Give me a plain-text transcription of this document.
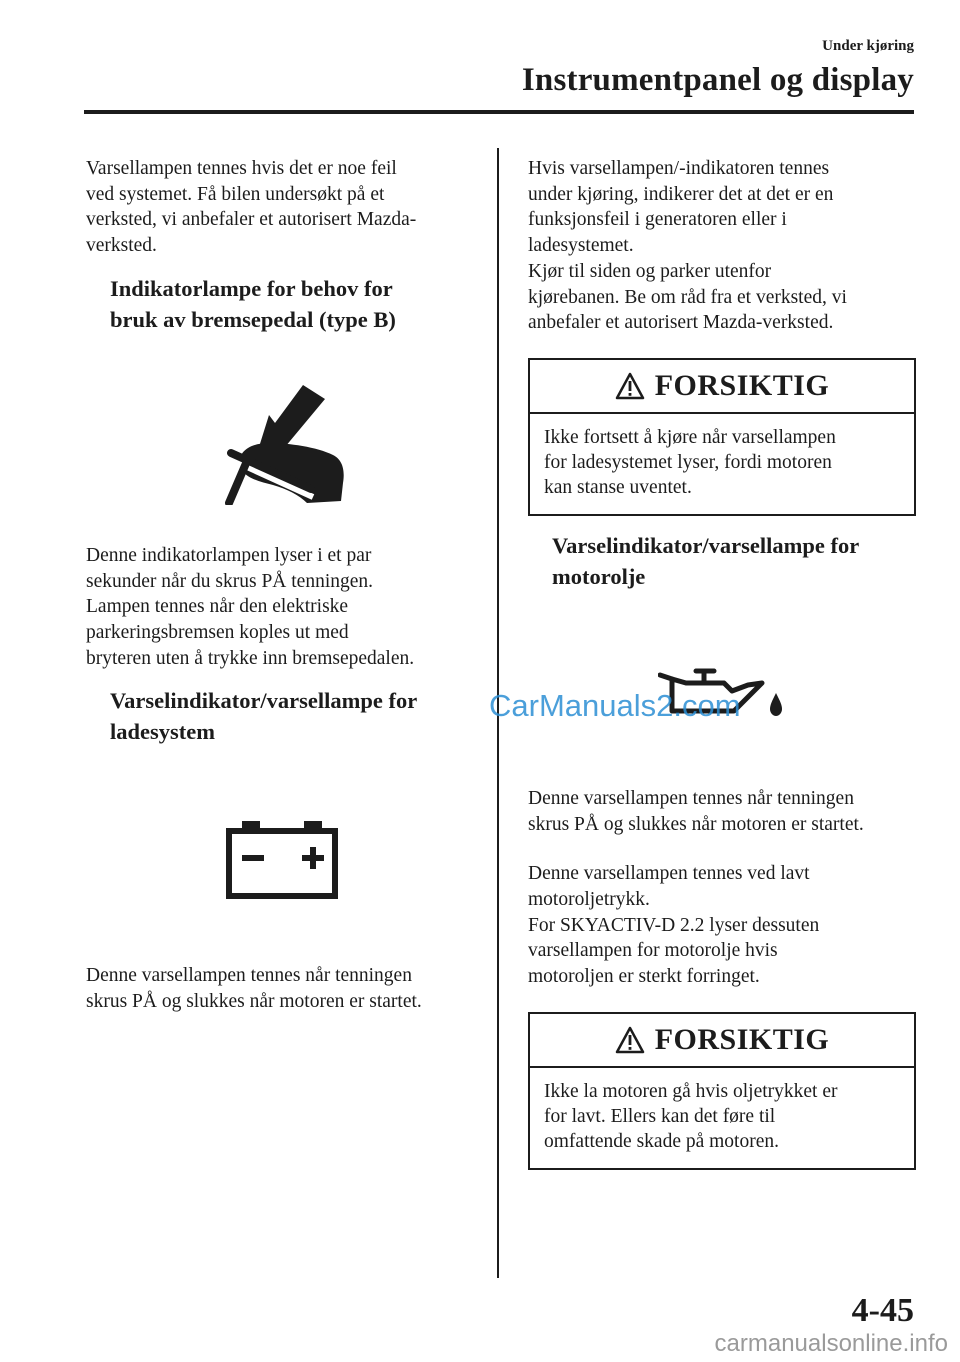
Under kjøring
Instrumentpanel og display

Varsellampen tennes hvis det er noe feil
ved systemet. Få bilen undersøkt på et
verksted, vi anbefaler et autorisert Mazda-
verksted.

Indikatorlampe for behov for
bruk av bremsepedal (type B)

Denne indikatorlampen lyser i et par
sekunder når du skrus PÅ tenningen.
Lampen tennes når den elektriske
parkeringsbremsen koples ut med
bryteren uten å trykke inn bremsepedalen.

Varselindikator/varsellampe for
ladesystem

Denne varsellampen tennes når tenningen
skrus PÅ og slukkes når motoren er startet.

Hvis varsellampen/-indikatoren tennes
under kjøring, indikerer det at det er en
funksjonsfeil i generatoren eller i
ladesystemet.
Kjør til siden og parker utenfor
kjørebanen. Be om råd fra et verksted, vi
anbefaler et autorisert Mazda-verksted.

FORSIKTIG
Ikke fortsett å kjøre når varsellampen
for ladesystemet lyser, fordi motoren
kan stanse uventet.
Varselindikator/varsellampe for
motorolje

Denne varsellampen tennes når tenningen
skrus PÅ og slukkes når motoren er startet.

Denne varsellampen tennes ved lavt
motoroljetrykk.
For SKYACTIV-D 2.2 lyser dessuten
varsellampen for motorolje hvis
motoroljen er sterkt forringet.

FORSIKTIG
Ikke la motoren gå hvis oljetrykket er
for lavt. Ellers kan det føre til
omfattende skade på motoren.
CarManuals2.com
4-45
carmanualsonline.info
